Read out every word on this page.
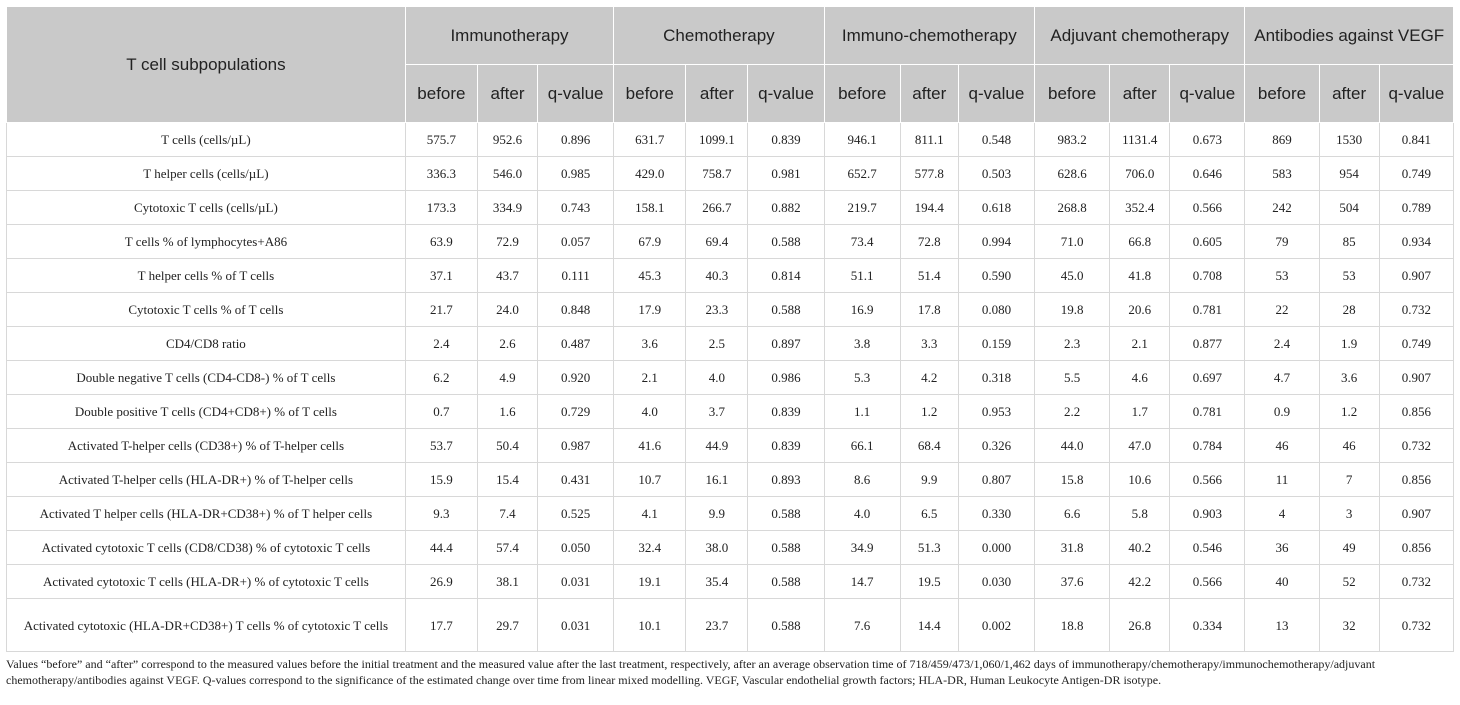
T cell subpopulations	Immunotherapy			Chemotherapy			Immuno-chemotherapy			Adjuvant chemotherapy			Antibodies against VEGF		
	before	after	q-value	before	after	q-value	before	after	q-value	before	after	q-value	before	after	q-value
T cells (cells/µL)	575.7	952.6	0.896	631.7	1099.1	0.839	946.1	811.1	0.548	983.2	1131.4	0.673	869	1530	0.841
T helper cells (cells/µL)	336.3	546.0	0.985	429.0	758.7	0.981	652.7	577.8	0.503	628.6	706.0	0.646	583	954	0.749
Cytotoxic T cells (cells/µL)	173.3	334.9	0.743	158.1	266.7	0.882	219.7	194.4	0.618	268.8	352.4	0.566	242	504	0.789
T cells % of lymphocytes+A86	63.9	72.9	0.057	67.9	69.4	0.588	73.4	72.8	0.994	71.0	66.8	0.605	79	85	0.934
T helper cells % of T cells	37.1	43.7	0.111	45.3	40.3	0.814	51.1	51.4	0.590	45.0	41.8	0.708	53	53	0.907
Cytotoxic T cells % of T cells	21.7	24.0	0.848	17.9	23.3	0.588	16.9	17.8	0.080	19.8	20.6	0.781	22	28	0.732
CD4/CD8 ratio	2.4	2.6	0.487	3.6	2.5	0.897	3.8	3.3	0.159	2.3	2.1	0.877	2.4	1.9	0.749
Double negative T cells (CD4-CD8-) % of T cells	6.2	4.9	0.920	2.1	4.0	0.986	5.3	4.2	0.318	5.5	4.6	0.697	4.7	3.6	0.907
Double positive T cells (CD4+CD8+) % of T cells	0.7	1.6	0.729	4.0	3.7	0.839	1.1	1.2	0.953	2.2	1.7	0.781	0.9	1.2	0.856
Activated T-helper cells (CD38+) % of T-helper cells	53.7	50.4	0.987	41.6	44.9	0.839	66.1	68.4	0.326	44.0	47.0	0.784	46	46	0.732
Activated T-helper cells (HLA-DR+) % of T-helper cells	15.9	15.4	0.431	10.7	16.1	0.893	8.6	9.9	0.807	15.8	10.6	0.566	11	7	0.856
Activated T helper cells (HLA-DR+CD38+) % of T helper cells	9.3	7.4	0.525	4.1	9.9	0.588	4.0	6.5	0.330	6.6	5.8	0.903	4	3	0.907
Activated cytotoxic T cells (CD8/CD38) % of cytotoxic T cells	44.4	57.4	0.050	32.4	38.0	0.588	34.9	51.3	0.000	31.8	40.2	0.546	36	49	0.856
Activated cytotoxic T cells (HLA-DR+) % of cytotoxic T cells	26.9	38.1	0.031	19.1	35.4	0.588	14.7	19.5	0.030	37.6	42.2	0.566	40	52	0.732
Activated cytotoxic (HLA-DR+CD38+) T cells % of cytotoxic T cells	17.7	29.7	0.031	10.1	23.7	0.588	7.6	14.4	0.002	18.8	26.8	0.334	13	32	0.732
Values “before” and “after” correspond to the measured values before the initial treatment and the measured value after the last treatment, respectively, after an average observation time of 718/459/473/1,060/1,462 days of immunotherapy/chemotherapy/immunochemotherapy/adjuvant chemotherapy/antibodies against VEGF. Q-values correspond to the significance of the estimated change over time from linear mixed modelling. VEGF, Vascular endothelial growth factors; HLA-DR, Human Leukocyte Antigen-DR isotype.
